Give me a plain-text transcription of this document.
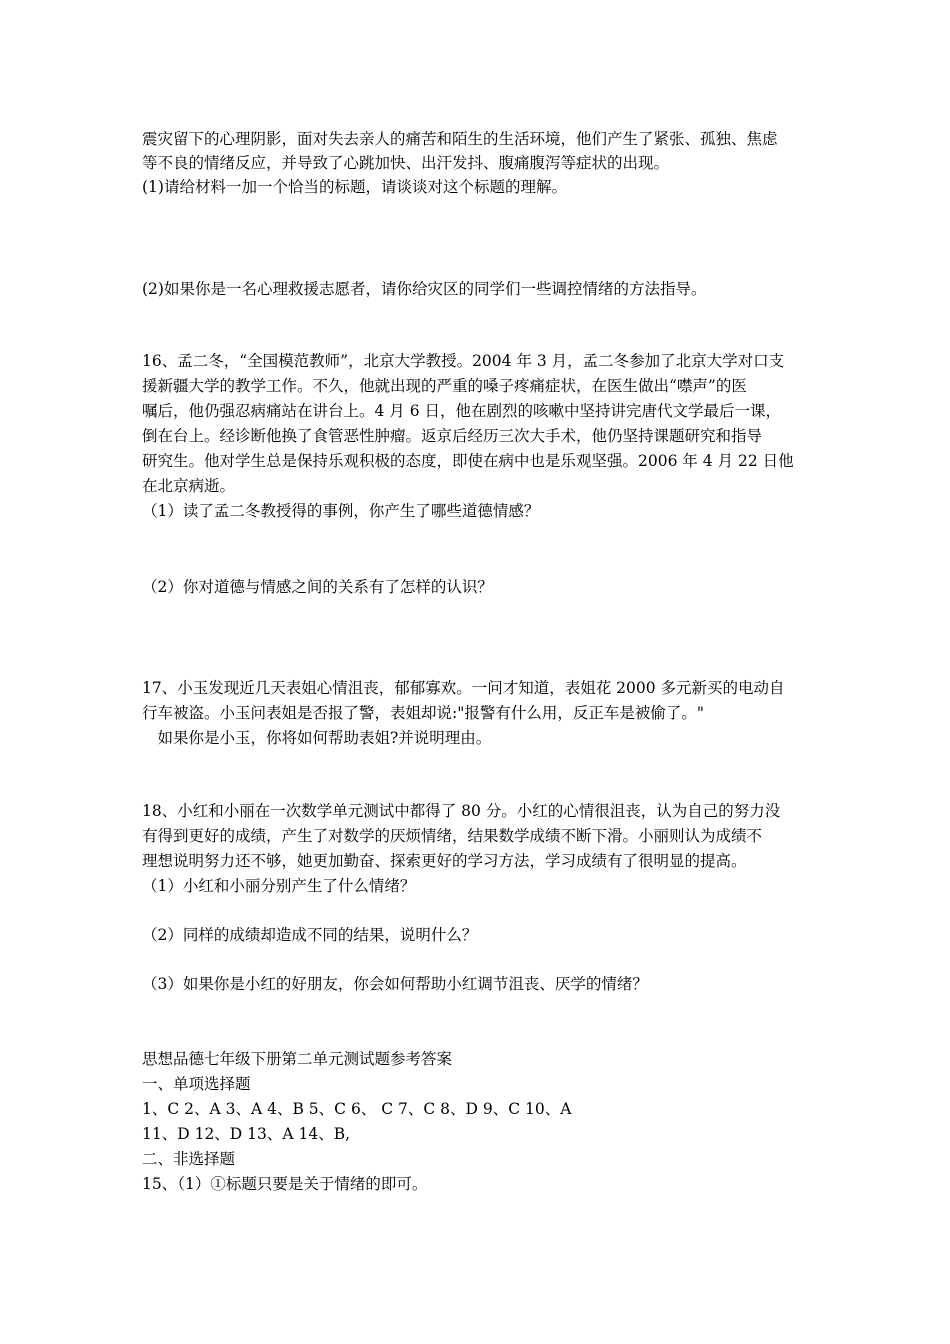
震灾留下的心理阴影，面对失去亲人的痛苦和陌生的生活环境，他们产生了紧张、孤独、焦虑
等不良的情绪反应，并导致了心跳加快、出汗发抖、腹痛腹泻等症状的出现。
(1)请给材料一加一个恰当的标题，请谈谈对这个标题的理解。
(2)如果你是一名心理救援志愿者，请你给灾区的同学们一些调控情绪的方法指导。
16、孟二冬，“全国模范教师”，北京大学教授。2004 年 3 月，孟二冬参加了北京大学对口支
援新疆大学的教学工作。不久，他就出现的严重的嗓子疼痛症状，在医生做出“噤声”的医
嘱后，他仍强忍病痛站在讲台上。4 月 6 日，他在剧烈的咳嗽中坚持讲完唐代文学最后一课，
倒在台上。经诊断他换了食管恶性肿瘤。返京后经历三次大手术，他仍坚持课题研究和指导
研究生。他对学生总是保持乐观积极的态度，即使在病中也是乐观坚强。2006 年 4 月 22 日他
在北京病逝。
（1）读了孟二冬教授得的事例，你产生了哪些道德情感？
（2）你对道德与情感之间的关系有了怎样的认识？
17、小玉发现近几天表姐心情沮丧，郁郁寡欢。一问才知道，表姐花 2000 多元新买的电动自
行车被盗。小玉问表姐是否报了警，表姐却说:"报警有什么用，反正车是被偷了。"
　如果你是小玉，你将如何帮助表姐?并说明理由。
18、小红和小丽在一次数学单元测试中都得了 80 分。小红的心情很沮丧，认为自己的努力没
有得到更好的成绩，产生了对数学的厌烦情绪，结果数学成绩不断下滑。小丽则认为成绩不
理想说明努力还不够，她更加勤奋、探索更好的学习方法，学习成绩有了很明显的提高。
（1）小红和小丽分别产生了什么情绪？
（2）同样的成绩却造成不同的结果，说明什么？
（3）如果你是小红的好朋友，你会如何帮助小红调节沮丧、厌学的情绪？
思想品德七年级下册第二单元测试题参考答案
一、单项选择题
1、C 2、A 3、A 4、B 5、C 6、 C 7、C 8、D 9、C 10、A
11、D 12、D 13、A 14、B,
二、非选择题
15、（1）①标题只要是关于情绪的即可。
